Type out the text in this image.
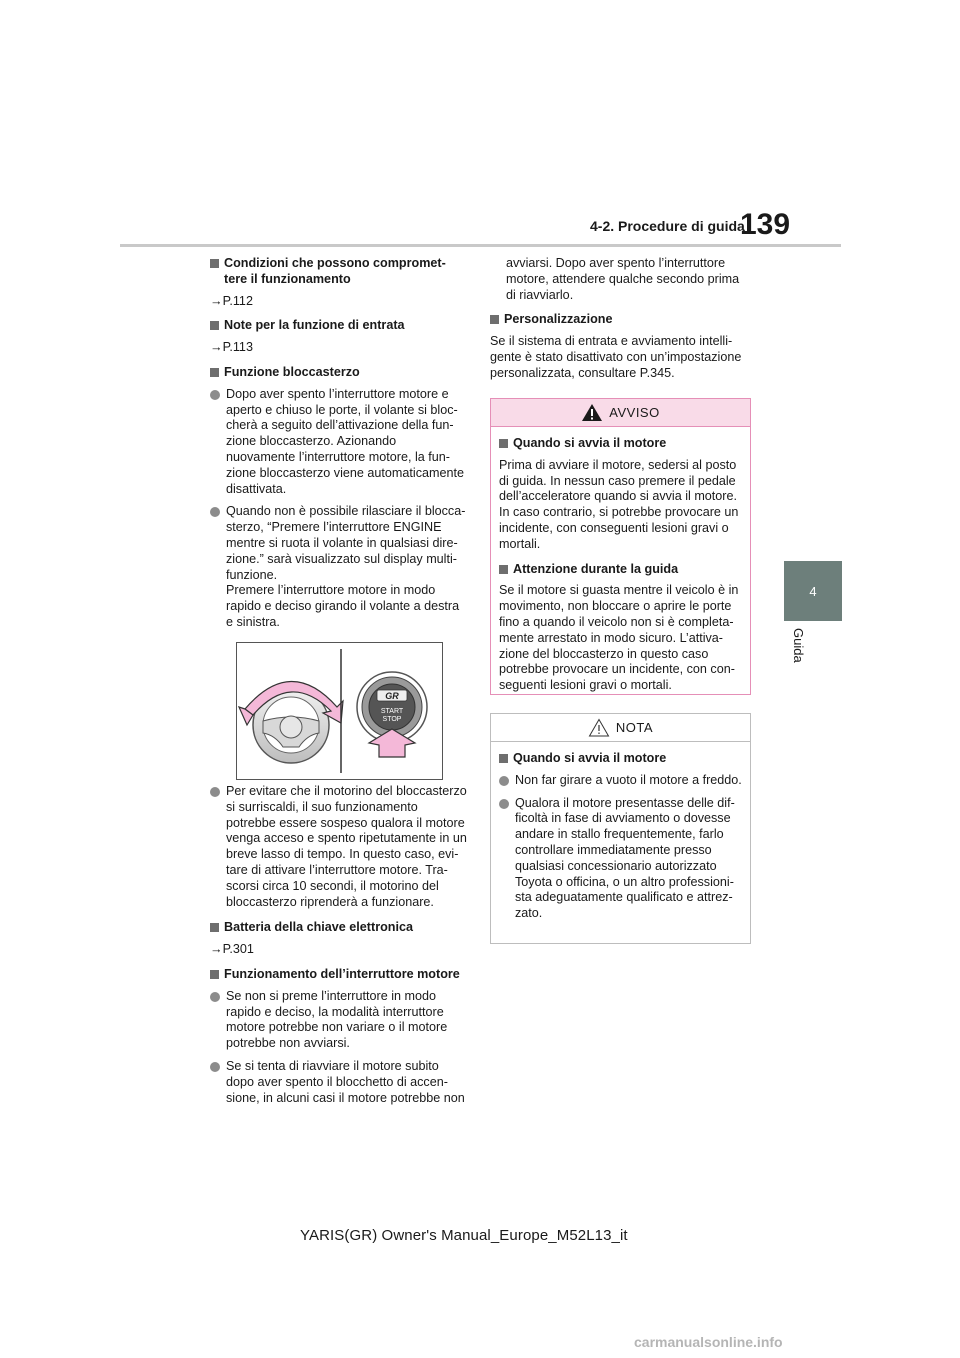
4-2. Procedure di guida
139
4
Guida
Condizioni che possono compromet-tere il funzionamento
→P.112
Note per la funzione di entrata
→P.113
Funzione bloccasterzo
Dopo aver spento l’interruttore motore e aperto e chiuso le porte, il volante si bloc-cherà a seguito dell’attivazione della fun-zione bloccasterzo. Azionando nuovamente l’interruttore motore, la fun-zione bloccasterzo viene automaticamente disattivata.
Quando non è possibile rilasciare il blocca-sterzo, “Premere l’interruttore ENGINE mentre si ruota il volante in qualsiasi dire-zione.” sarà visualizzato sul display multi-funzione.
Premere l’interruttore motore in modo rapido e deciso girando il volante a destra e sinistra.
GR
START
STOP
Per evitare che il motorino del bloccasterzo si surriscaldi, il suo funzionamento potrebbe essere sospeso qualora il motore venga acceso e spento ripetutamente in un breve lasso di tempo. In questo caso, evi-tare di attivare l’interruttore motore. Tra-scorsi circa 10 secondi, il motorino del bloccasterzo riprenderà a funzionare.
Batteria della chiave elettronica
→P.301
Funzionamento dell’interruttore motore
Se non si preme l’interruttore in modo rapido e deciso, la modalità interruttore motore potrebbe non variare o il motore potrebbe non avviarsi.
Se si tenta di riavviare il motore subito dopo aver spento il blocchetto di accen-sione, in alcuni casi il motore potrebbe non
avviarsi. Dopo aver spento l’interruttore motore, attendere qualche secondo prima di riavviarlo.
Personalizzazione
Se il sistema di entrata e avviamento intelli-gente è stato disattivato con un’impostazione personalizzata, consultare P.345.
AVVISO
Quando si avvia il motore
Prima di avviare il motore, sedersi al posto di guida. In nessun caso premere il pedale dell’acceleratore quando si avvia il motore. In caso contrario, si potrebbe provocare un incidente, con conseguenti lesioni gravi o mortali.
Attenzione durante la guida
Se il motore si guasta mentre il veicolo è in movimento, non bloccare o aprire le porte fino a quando il veicolo non si è completa-mente arrestato in modo sicuro. L’attiva-zione del bloccasterzo in questo caso potrebbe provocare un incidente, con con-seguenti lesioni gravi o mortali.
NOTA
Quando si avvia il motore
Non far girare a vuoto il motore a freddo.
Qualora il motore presentasse delle dif-ficoltà in fase di avviamento o dovesse andare in stallo frequentemente, farlo controllare immediatamente presso qualsiasi concessionario autorizzato Toyota o officina, o un altro professioni-sta adeguatamente qualificato e attrez-zato.
YARIS(GR) Owner's Manual_Europe_M52L13_it
carmanualsonline.info
